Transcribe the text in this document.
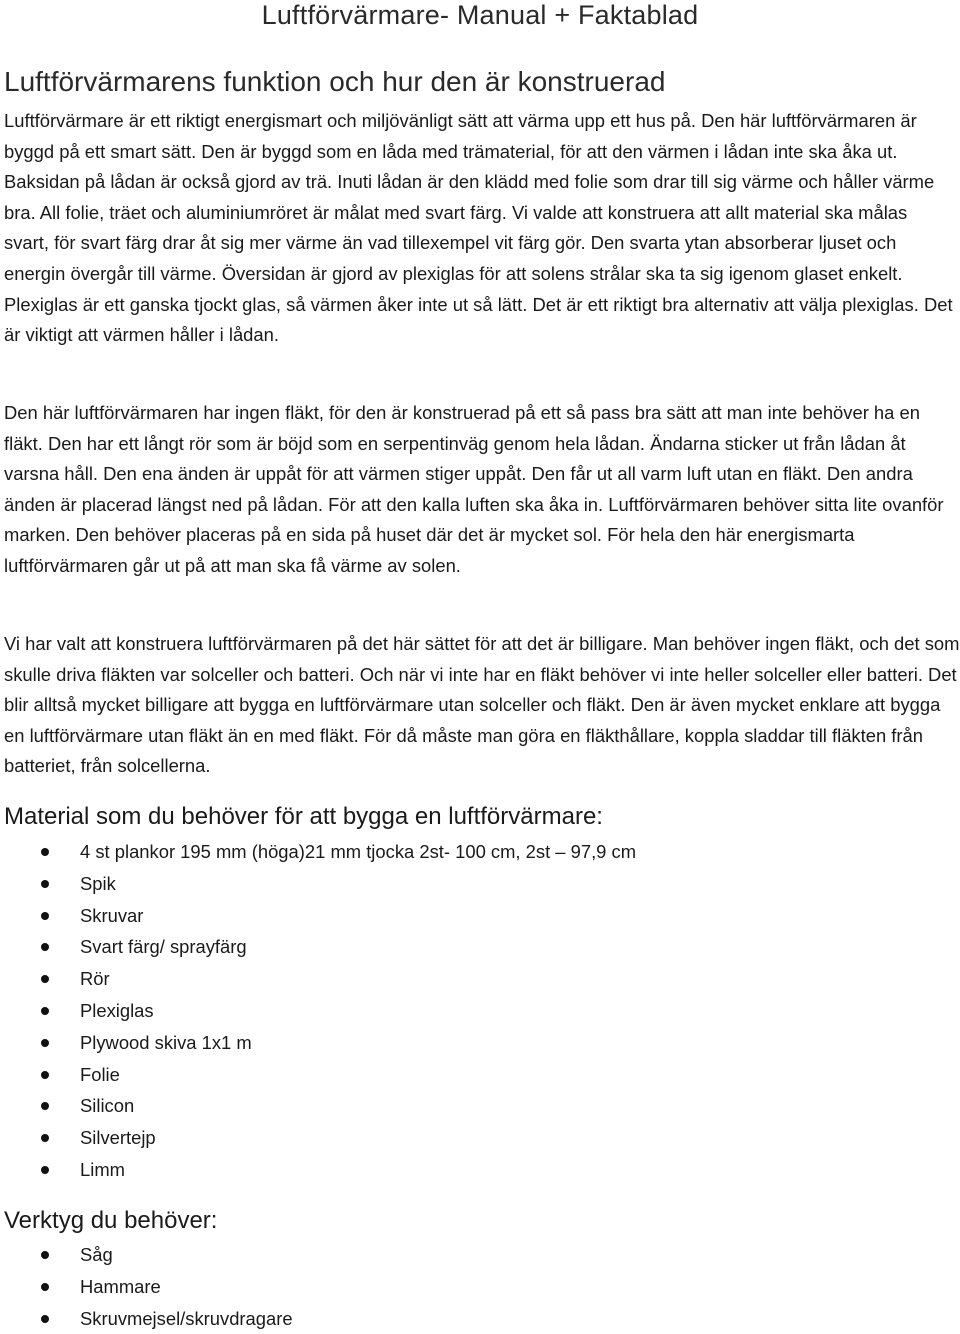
Luftförvärmare- Manual + Faktablad
Luftförvärmarens funktion och hur den är konstruerad

Luftförvärmare är ett riktigt energismart och miljövänligt sätt att värma upp ett hus på. Den här luftförvärmaren är byggd på ett smart sätt. Den är byggd som en låda med trämaterial, för att den värmen i lådan inte ska åka ut. Baksidan på lådan är också gjord av trä. Inuti lådan är den klädd med folie som drar till sig värme och håller värme bra. All folie, träet och aluminiumröret är målat med svart färg. Vi valde att konstruera att allt material ska målas svart, för svart färg drar åt sig mer värme än vad tillexempel vit färg gör. Den svarta ytan absorberar ljuset och energin övergår till värme. Översidan är gjord av plexiglas för att solens strålar ska ta sig igenom glaset enkelt. Plexiglas är ett ganska tjockt glas, så värmen åker inte ut så lätt. Det är ett riktigt bra alternativ att välja plexiglas. Det är viktigt att värmen håller i lådan.

Den här luftförvärmaren har ingen fläkt, för den är konstruerad på ett så pass bra sätt att man inte behöver ha en fläkt. Den har ett långt rör som är böjd som en serpentinväg genom hela lådan. Ändarna sticker ut från lådan åt varsna håll. Den ena änden är uppåt för att värmen stiger uppåt. Den får ut all varm luft utan en fläkt. Den andra änden är placerad längst ned på lådan. För att den kalla luften ska åka in. Luftförvärmaren behöver sitta lite ovanför marken. Den behöver placeras på en sida på huset där det är mycket sol. För hela den här energismarta luftförvärmaren går ut på att man ska få värme av solen.

Vi har valt att konstruera luftförvärmaren på det här sättet för att det är billigare. Man behöver ingen fläkt, och det som skulle driva fläkten var solceller och batteri. Och när vi inte har en fläkt behöver vi inte heller solceller eller batteri. Det blir alltså mycket billigare att bygga en luftförvärmare utan solceller och fläkt. Den är även mycket enklare att bygga en luftförvärmare utan fläkt än en med fläkt. För då måste man göra en fläkthållare, koppla sladdar till fläkten från batteriet, från solcellerna.

Material som du behöver för att bygga en luftförvärmare:
4 st plankor 195 mm (höga)21 mm tjocka 2st- 100 cm, 2st – 97,9 cm
Spik
Skruvar
Svart färg/ sprayfärg
Rör
Plexiglas
Plywood skiva 1x1 m
Folie
Silicon
Silvertejp
Limm
Verktyg du behöver:
Såg
Hammare
Skruvmejsel/skruvdragare
